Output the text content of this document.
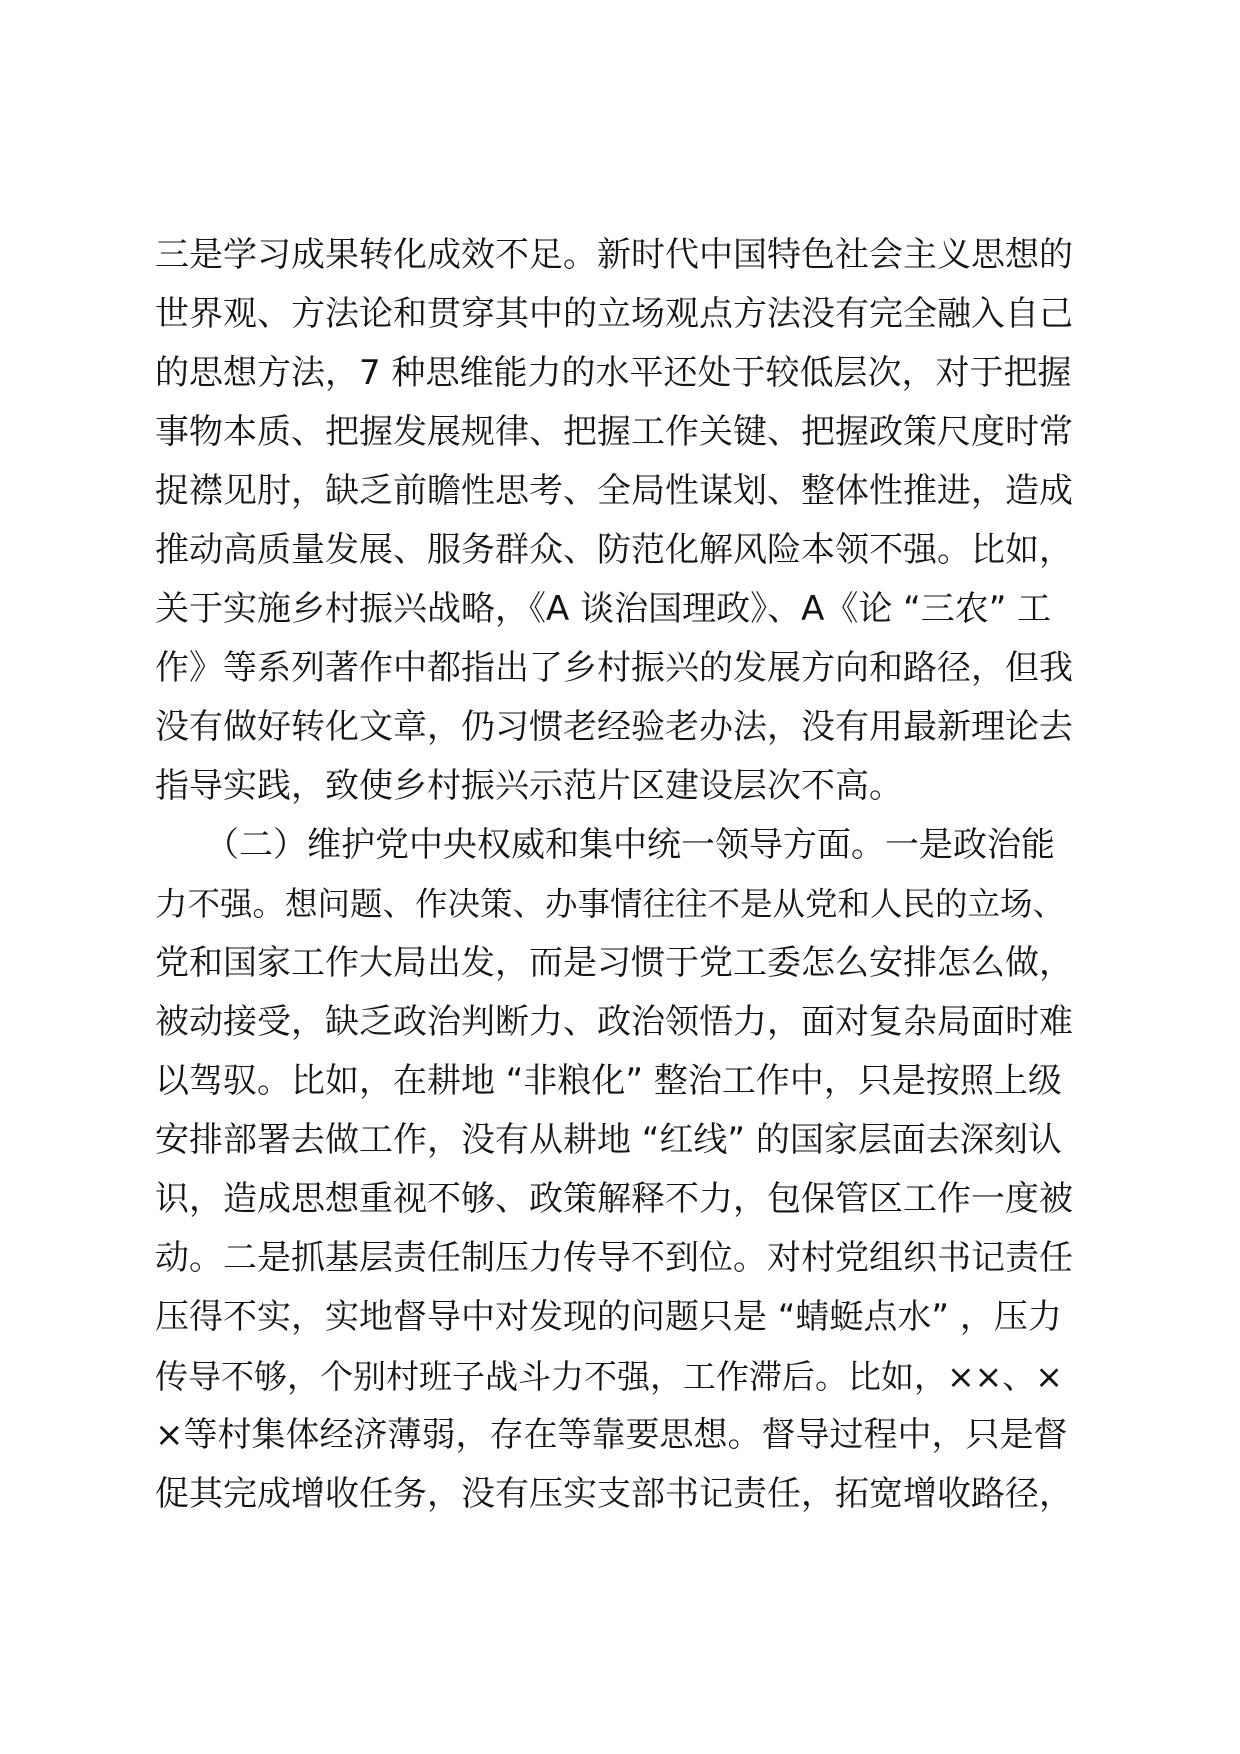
三是学习成果转化成效不足。新时代中国特色社会主义思想的
世界观、方法论和贯穿其中的立场观点方法没有完全融入自己
的思想方法，7 种思维能力的水平还处于较低层次，对于把握
事物本质、把握发展规律、把握工作关键、把握政策尺度时常
捉襟见肘，缺乏前瞻性思考、全局性谋划、整体性推进，造成
推动高质量发展、服务群众、防范化解风险本领不强。比如，
关于实施乡村振兴战略，《A 谈治国理政》、A《论 “三农” 工
作》等系列著作中都指出了乡村振兴的发展方向和路径，但我
没有做好转化文章，仍习惯老经验老办法，没有用最新理论去
指导实践，致使乡村振兴示范片区建设层次不高。
（二）维护党中央权威和集中统一领导方面。一是政治能
力不强。想问题、作决策、办事情往往不是从党和人民的立场、
党和国家工作大局出发，而是习惯于党工委怎么安排怎么做，
被动接受，缺乏政治判断力、政治领悟力，面对复杂局面时难
以驾驭。比如，在耕地 “非粮化” 整治工作中，只是按照上级
安排部署去做工作，没有从耕地 “红线” 的国家层面去深刻认
识，造成思想重视不够、政策解释不力，包保管区工作一度被
动。二是抓基层责任制压力传导不到位。对村党组织书记责任
压得不实，实地督导中对发现的问题只是 “蜻蜓点水” ，压力
传导不够，个别村班子战斗力不强，工作滞后。比如，××、×
×等村集体经济薄弱，存在等靠要思想。督导过程中，只是督
促其完成增收任务，没有压实支部书记责任，拓宽增收路径，
